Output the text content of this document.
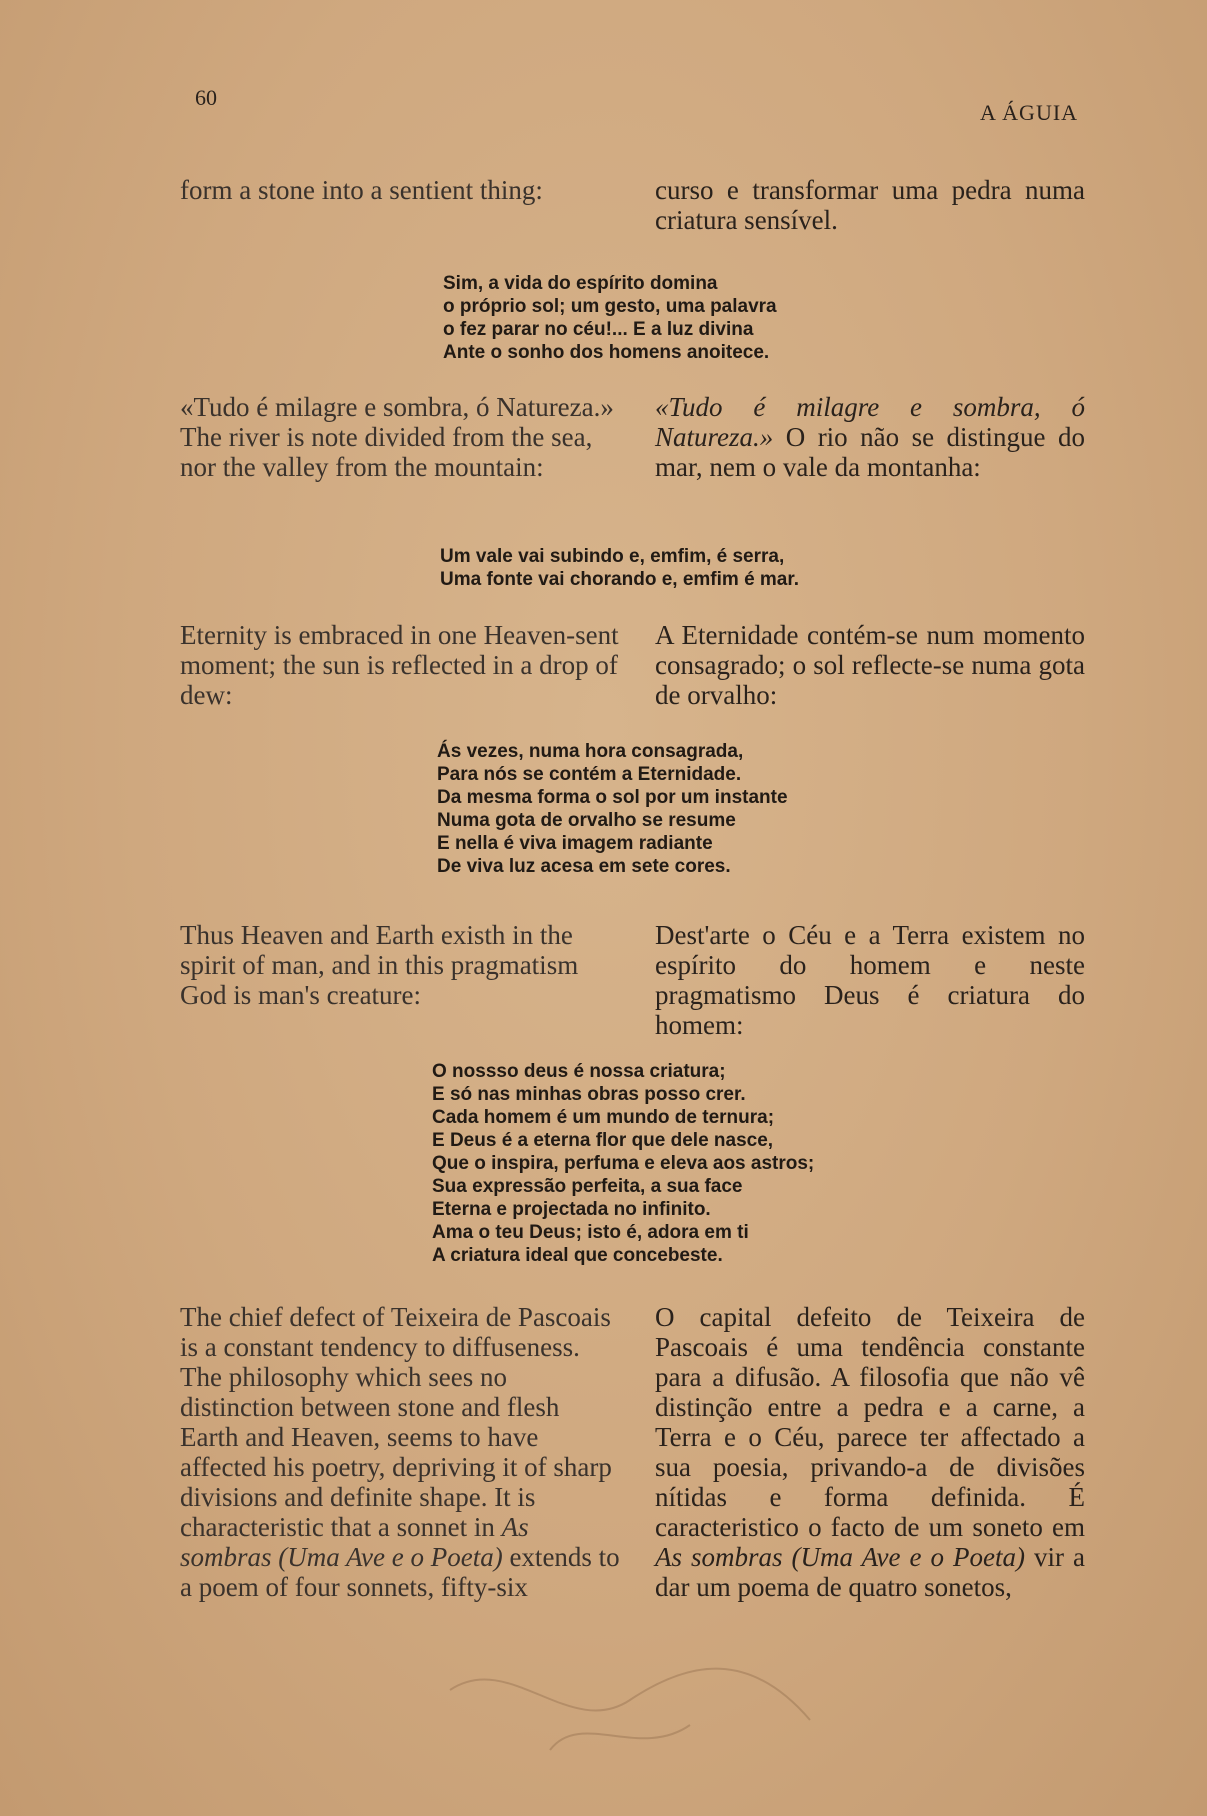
60
A ÁGUIA
form a stone into a sentient thing:	curso e transformar uma pedra numa criatura sensível.
Sim, a vida do espírito domina
o próprio sol; um gesto, uma palavra
o fez parar no céu!... E a luz divina
Ante o sonho dos homens anoitece.
«Tudo é milagre e sombra, ó Natureza.» The river is note divided from the sea, nor the valley from the mountain:
«Tudo é milagre e sombra, ó Natureza.» O rio não se distingue do mar, nem o vale da montanha:
Um vale vai subindo e, emfim, é serra,
Uma fonte vai chorando e, emfim é mar.
Eternity is embraced in one Heaven-sent moment; the sun is reflected in a drop of dew:
A Eternidade contém-se num momento consagrado; o sol reflecte-se numa gota de orvalho:
Ás vezes, numa hora consagrada,
Para nós se contém a Eternidade.
Da mesma forma o sol por um instante
Numa gota de orvalho se resume
E nella é viva imagem radiante
De viva luz acesa em sete cores.
Thus Heaven and Earth existh in the spirit of man, and in this pragmatism God is man's creature:
Dest'arte o Céu e a Terra existem no espírito do homem e neste pragmatismo Deus é criatura do homem:
O nossso deus é nossa criatura;
E só nas minhas obras posso crer.
Cada homem é um mundo de ternura;
E Deus é a eterna flor que dele nasce,
Que o inspira, perfuma e eleva aos astros;
Sua expressão perfeita, a sua face
Eterna e projectada no infinito.
Ama o teu Deus; isto é, adora em ti
A criatura ideal que concebeste.
The chief defect of Teixeira de Pascoais is a constant tendency to diffuseness. The philosophy which sees no distinction between stone and flesh Earth and Heaven, seems to have affected his poetry, depriving it of sharp divisions and definite shape. It is characteristic that a sonnet in As sombras (Uma Ave e o Poeta) extends to a poem of four sonnets, fifty-six
O capital defeito de Teixeira de Pascoais é uma tendência constante para a difusão. A filosofia que não vê distinção entre a pedra e a carne, a Terra e o Céu, parece ter affectado a sua poesia, privando-a de divisões nítidas e forma definida. É caracteristico o facto de um soneto em As sombras (Uma Ave e o Poeta) vir a dar um poema de quatro sonetos,
